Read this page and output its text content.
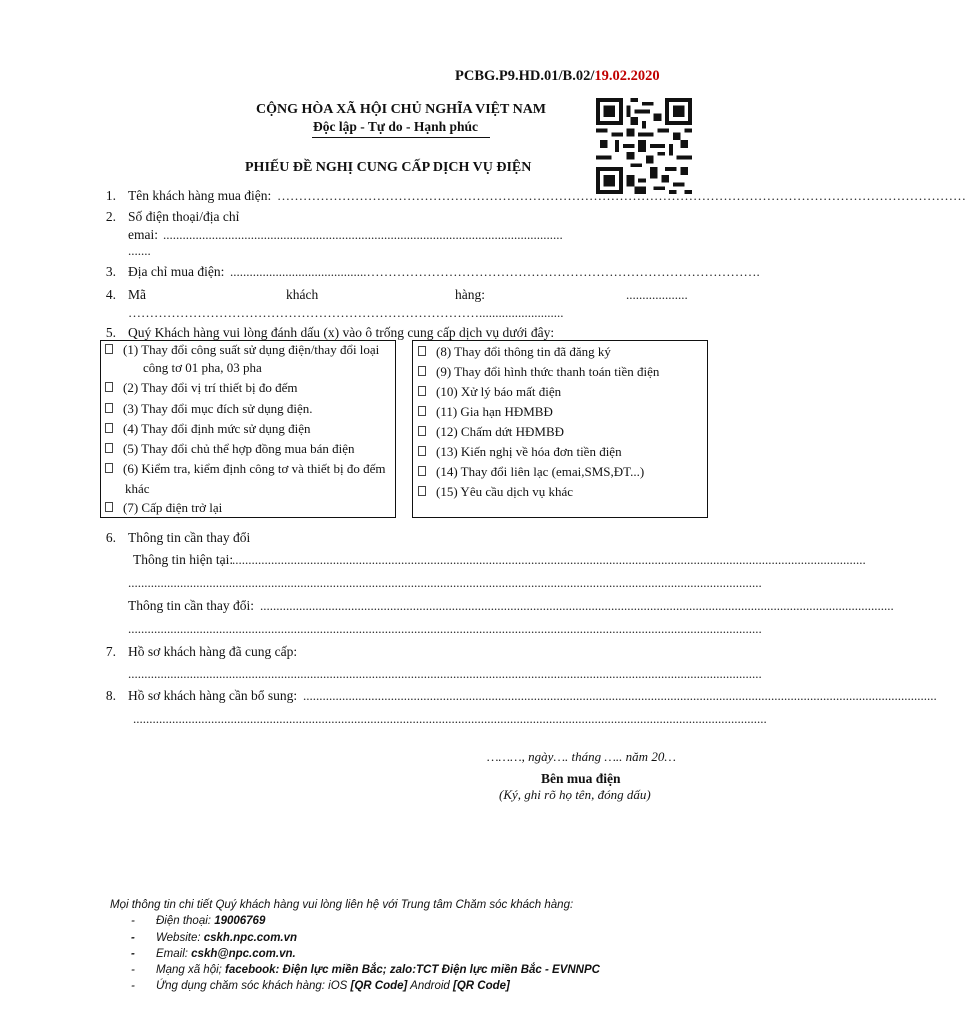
PCBG.P9.HD.01/B.02/19.02.2020
CỘNG HÒA XÃ HỘI CHỦ NGHĨA VIỆT NAM
Độc lập - Tự do - Hạnh phúc
PHIẾU ĐỀ NGHỊ CUNG CẤP DỊCH VỤ ĐIỆN
1. Tên khách hàng mua điện: ……………………………………………………………………………………………………………………………………………
2. Số điện thoại/địa chỉ
emai: ...........................................................................................................................
.......
3. Địa chỉ mua điện: ..........................................……………………………………………………………………………….
4. Mã	khách	hàng:	...................
………………………………………………………………………..........................
5. Quý Khách hàng vui lòng đánh dấu (x) vào ô trống cung cấp dịch vụ dưới đây:
(1) Thay đổi công suất sử dụng điện/thay đổi loại
công tơ 01 pha, 03 pha
(2) Thay đổi vị trí thiết bị đo đếm
(3) Thay đổi mục đích sử dụng điện.
(4) Thay đổi định mức sử dụng điện
(5) Thay đổi chủ thể hợp đồng mua bán điện
(6) Kiểm tra, kiểm định công tơ và thiết bị đo đếm
khác
(7) Cấp điện trở lại
(8) Thay đổi thông tin đã đăng ký
(9) Thay đổi hình thức thanh toán tiền điện
(10) Xử lý báo mất điện
(11) Gia hạn HĐMBĐ
(12) Chấm dứt HĐMBĐ
(13) Kiến nghị về hóa đơn tiền điện
(14) Thay đổi liên lạc (emai,SMS,ĐT...)
(15) Yêu cầu dịch vụ khác
6. Thông tin cần thay đổi
Thông tin hiện tại:
...................................................................................................................................................................................................
...................................................................................................................................................................................................
Thông tin cần thay đổi: ...................................................................................................................................................................................................
...................................................................................................................................................................................................
7. Hồ sơ khách hàng đã cung cấp:
...................................................................................................................................................................................................
8. Hồ sơ khách hàng cần bổ sung: ...................................................................................................................................................................................................
...................................................................................................................................................................................................
………, ngày…. tháng ….. năm 20…
Bên mua điện
(Ký, ghi rõ họ tên, đóng dấu)
Mọi thông tin chi tiết Quý khách hàng vui lòng liên hệ với Trung tâm Chăm sóc khách hàng:
- Điện thoại: 19006769
- Website: cskh.npc.com.vn
- Email: cskh@npc.com.vn.
- Mạng xã hội; facebook: Điện lực miền Bắc; zalo:TCT Điện lực miền Bắc - EVNNPC
- Ứng dụng chăm sóc khách hàng: iOS [QR Code] Android [QR Code]
